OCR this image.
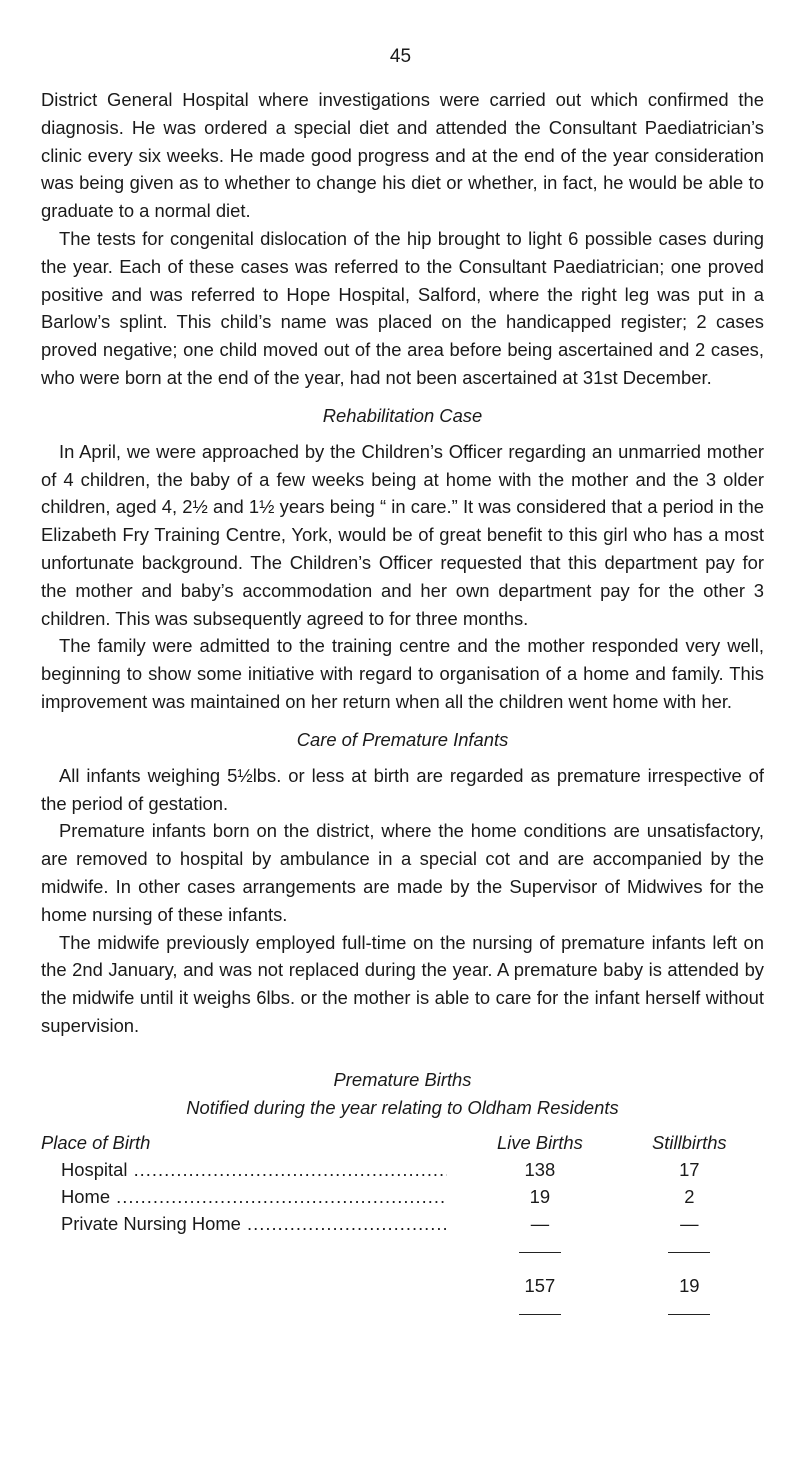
45

District General Hospital where investigations were carried out which confirmed the diagnosis. He was ordered a special diet and attended the Consultant Paediatrician’s clinic every six weeks. He made good progress and at the end of the year consideration was being given as to whether to change his diet or whether, in fact, he would be able to graduate to a normal diet.

The tests for congenital dislocation of the hip brought to light 6 possible cases during the year. Each of these cases was referred to the Consultant Paediatrician; one proved positive and was referred to Hope Hospital, Salford, where the right leg was put in a Barlow’s splint. This child’s name was placed on the handicapped register; 2 cases proved negative; one child moved out of the area before being ascertained and 2 cases, who were born at the end of the year, had not been ascertained at 31st December.

Rehabilitation Case

In April, we were approached by the Children’s Officer regarding an unmarried mother of 4 children, the baby of a few weeks being at home with the mother and the 3 older children, aged 4, 2½ and 1½ years being “ in care.” It was considered that a period in the Elizabeth Fry Training Centre, York, would be of great benefit to this girl who has a most unfortunate background. The Children’s Officer requested that this department pay for the mother and baby’s accommodation and her own department pay for the other 3 children. This was subsequently agreed to for three months.

The family were admitted to the training centre and the mother responded very well, beginning to show some initiative with regard to organisation of a home and family. This improvement was maintained on her return when all the children went home with her.

Care of Premature Infants

All infants weighing 5½lbs. or less at birth are regarded as premature irrespective of the period of gestation.

Premature infants born on the district, where the home conditions are unsatisfactory, are removed to hospital by ambulance in a special cot and are accompanied by the midwife. In other cases arrangements are made by the Supervisor of Midwives for the home nursing of these infants.

The midwife previously employed full-time on the nursing of premature infants left on the 2nd January, and was not replaced during the year. A premature baby is attended by the midwife until it weighs 6lbs. or the mother is able to care for the infant herself without supervision.

Premature Births
Notified during the year relating to Oldham Residents
Place of Birth	Live Births	Stillbirths

Hospital .....	138	17

Home .....	19	2

Private Nursing Home .....	—	—

	157	19
